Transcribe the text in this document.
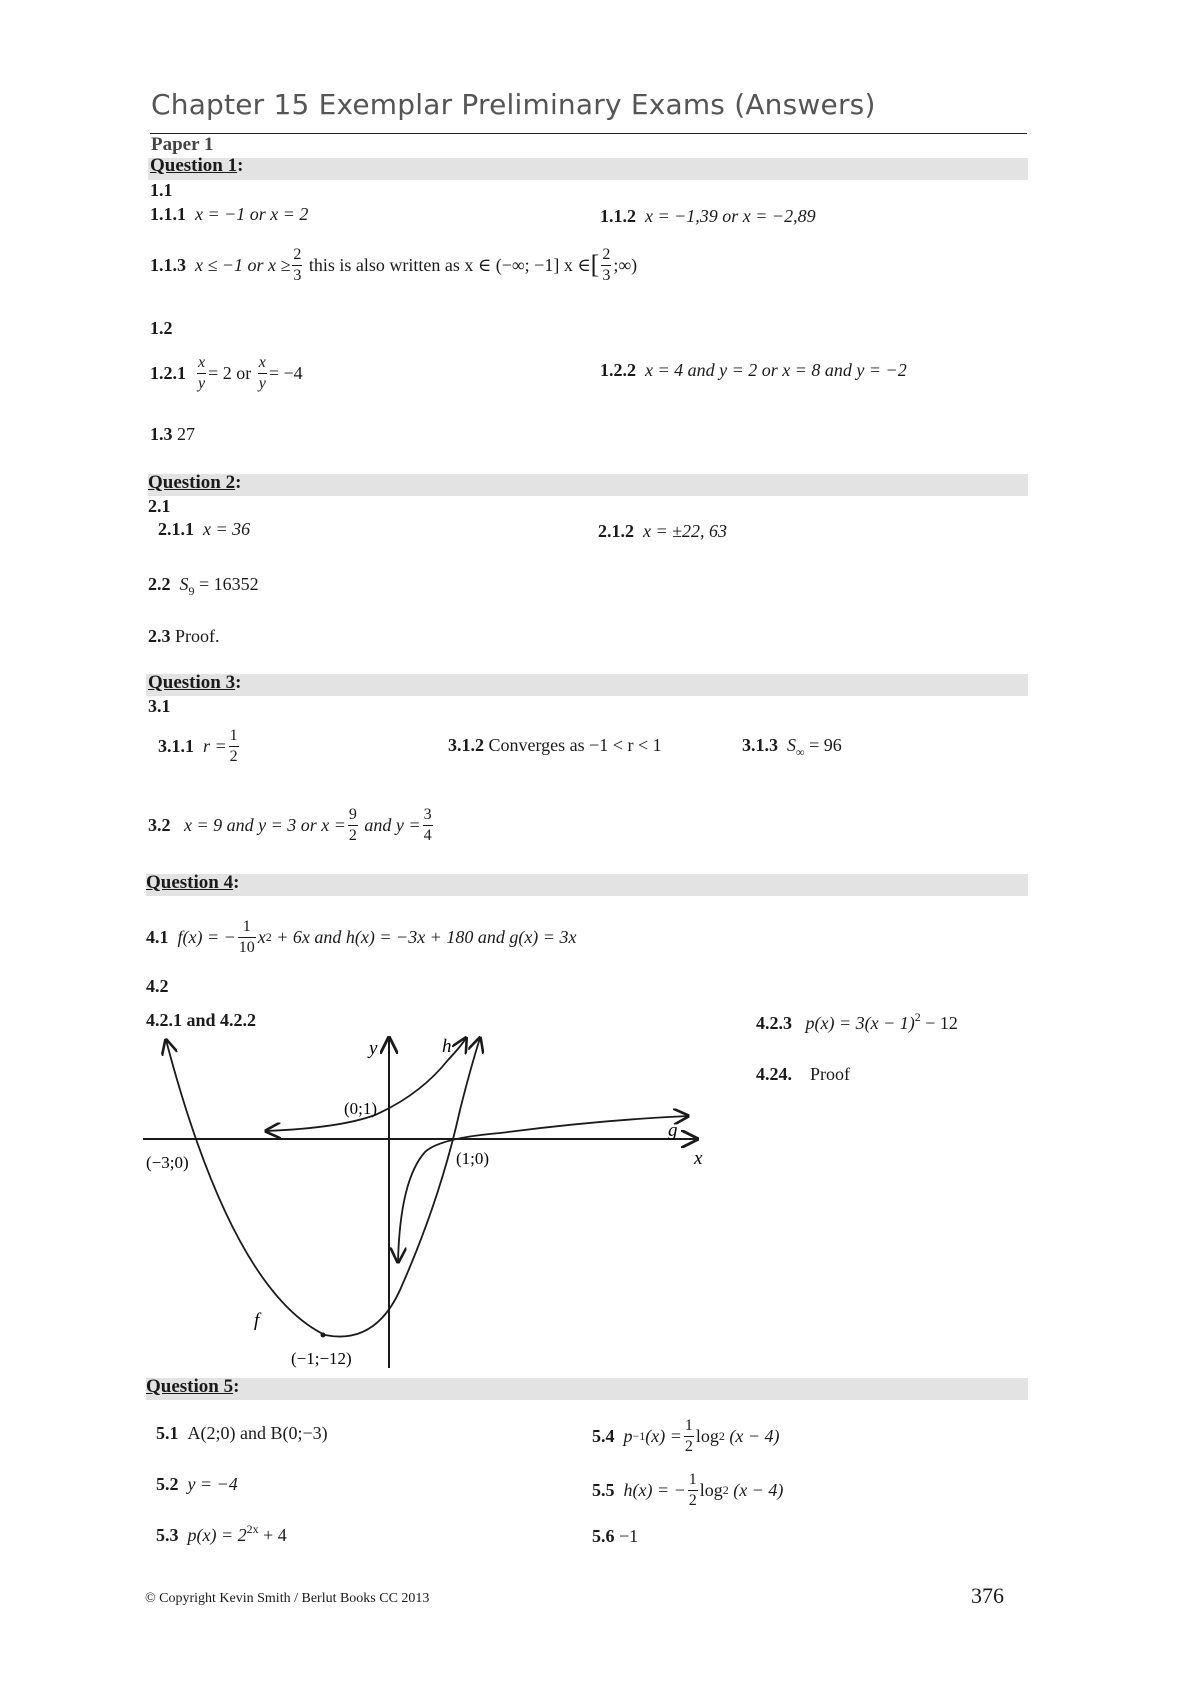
Chapter 15 Exemplar Preliminary Exams (Answers)
Paper 1
Question 1:
1.1
1.1.1 x = −1 or x = 2	1.1.2 x = −1,39 or x = −2,89
1.1.3
x ≤ −1 or $x \ge \frac{2}{3}$
this is also written as x ∈ (−∞; −1] x ∈ [ $\frac{2}{3}$ ;∞)
1.2
1.2.1
$\frac{x}{y} = 2$ or
$\frac{x}{y} = -4$	1.2.2 x = 4 and y = 2 or x = 8 and y = −2
1.3 27
Question 2:
2.1
2.1.1 x = 36	2.1.2 x = ±22, 63
2.2 $S_9 = 16352$
2.3 Proof.
Question 3:
3.1
3.1.1
$r = \frac{1}{2}$	3.1.2 Converges as −1 < r < 1	3.1.3 $S_\infty = 96$
3.2
x = 9 and y = 3 or $x = \frac{9}{2}$
and $y = \frac{3}{4}$
Question 4:
4.1
f(x) = − $\frac{1}{10}$ x 2
+ 6x and h(x) = −3x + 180 and g(x) = 3x
4.2
4.2.1 and 4.2.2	4.2.3 $p(x) = 3(x - 1)^2 - 12$
4.24. Proof
y	h
g
x
f
(0;1)
(−3;0)	(1;0)
(−1;−12)
Question 5:
5.1 A(2;0) and B(0;−3)
5.2 y = −4
5.3 $p(x) = 2^{2x} + 4$
5.4
p −1 $(x) = \frac{1}{2}$ log 2
(x − 4)
5.5
h(x) = − $\frac{1}{2}$ log 2
(x − 4)
5.6 −1
© Copyright Kevin Smith / Berlut Books CC 2013	376
